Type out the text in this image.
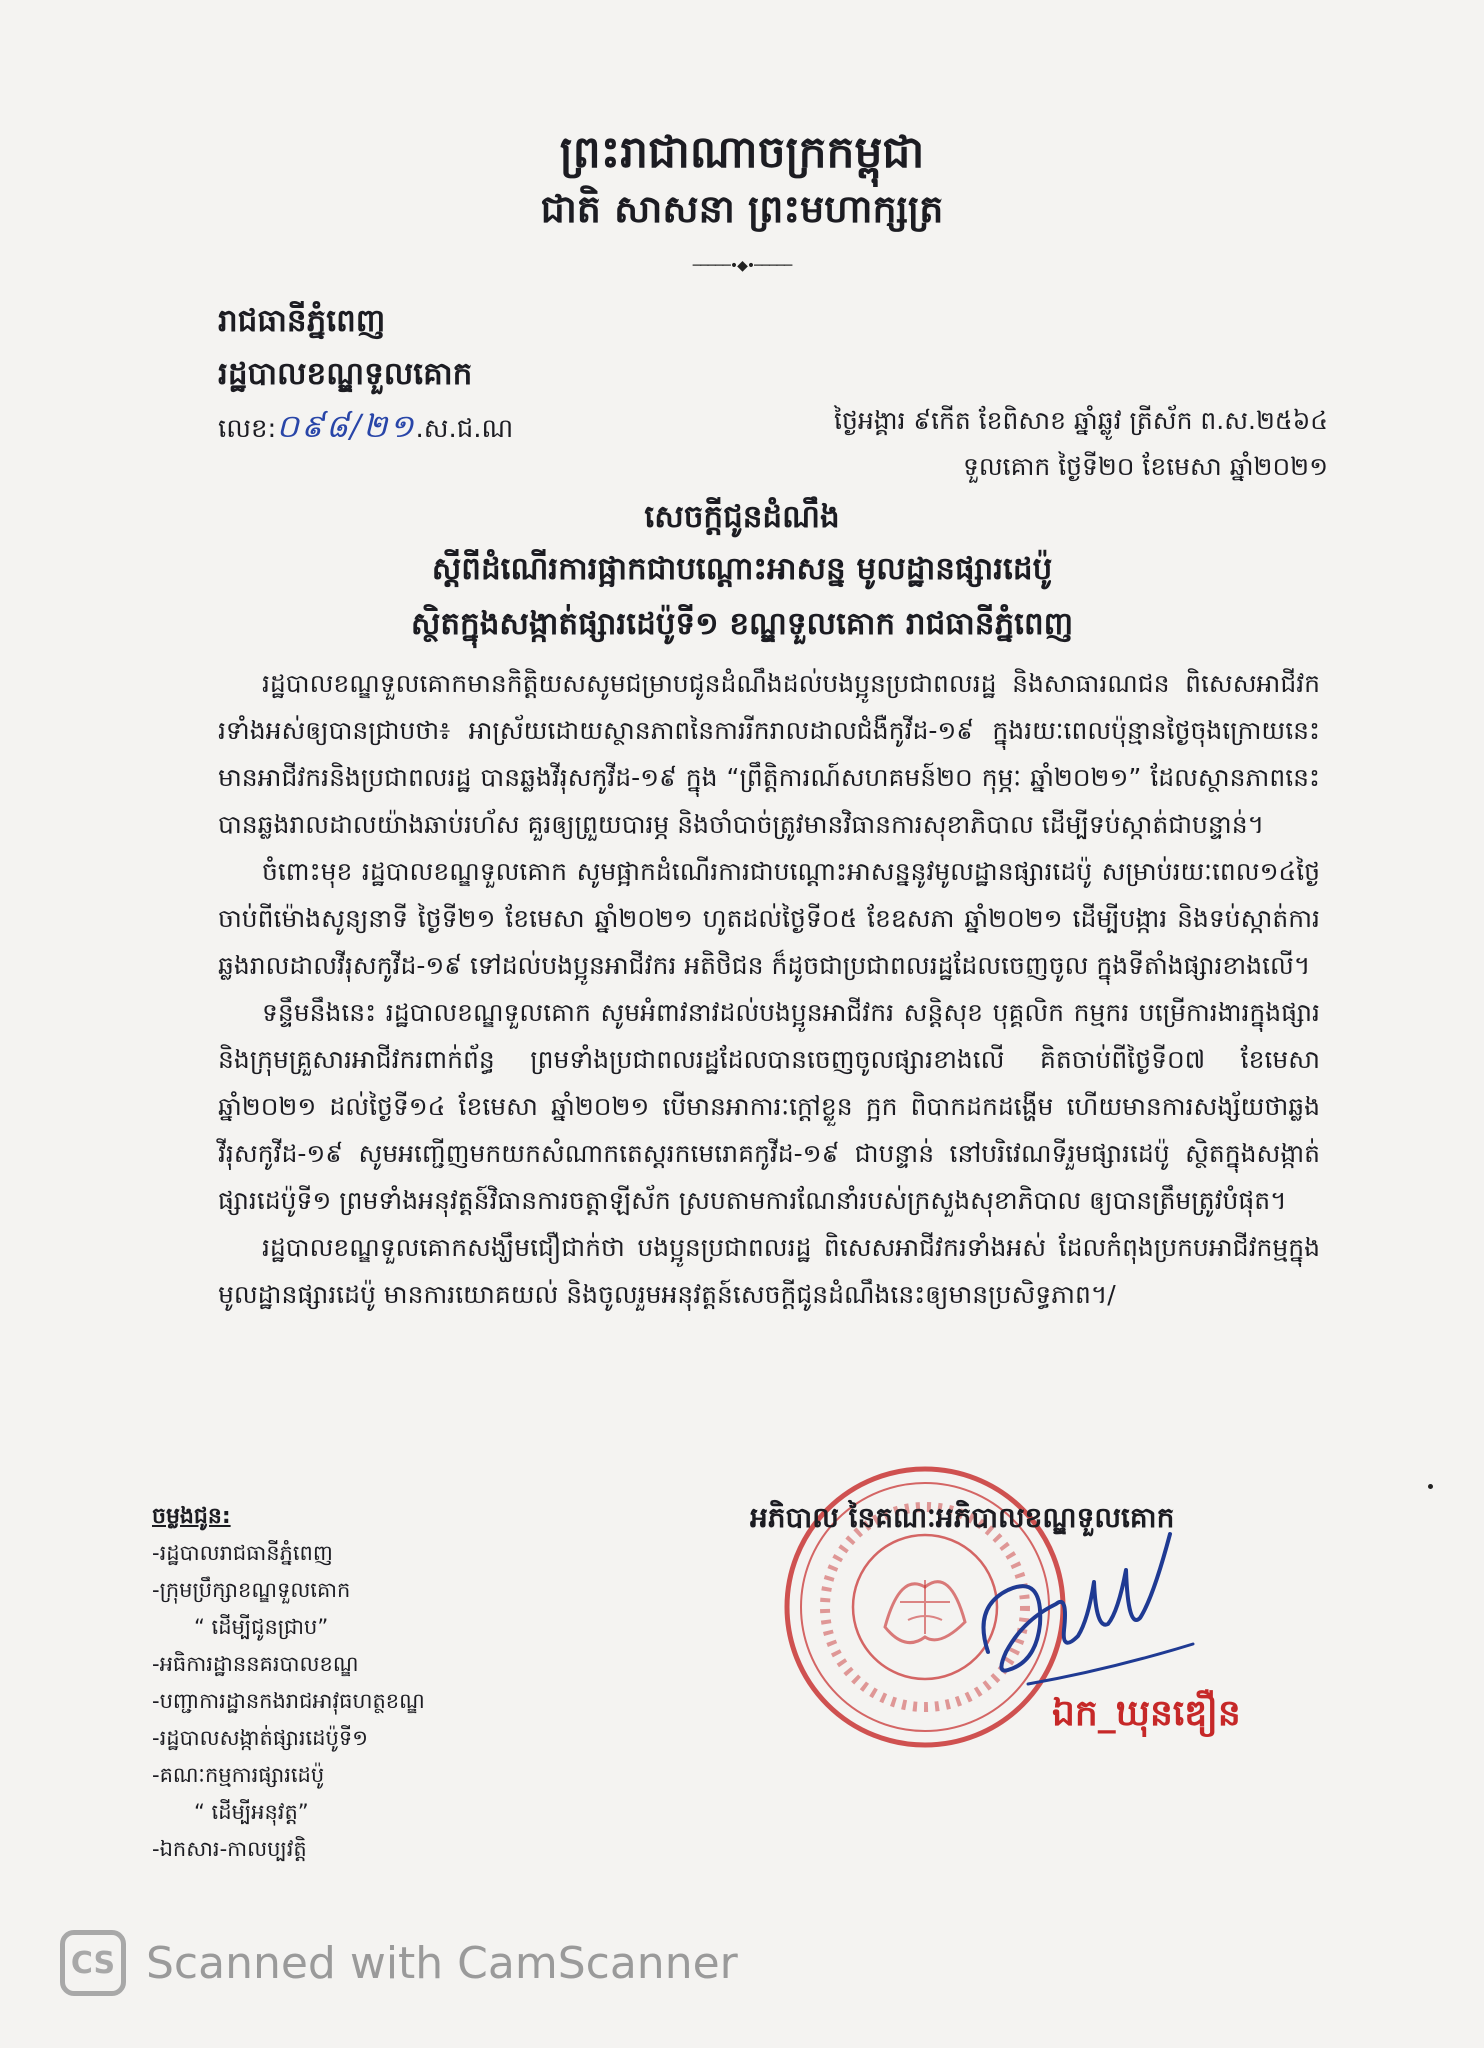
ព្រះរាជាណាចក្រកម្ពុជា
ជាតិ សាសនា ព្រះមហាក្សត្រ
─────•◆•─────
រាជធានីភ្នំពេញ
រដ្ឋបាលខណ្ឌទួលគោក
លេខ:០៩៨/២១.ស.ជ.ណ	ថ្ងៃអង្គារ ៩កើត ខែពិសាខ ឆ្នាំឆ្លូវ ត្រីស័ក ព.ស.២៥៦៤
ទួលគោក ថ្ងៃទី២០ ខែមេសា ឆ្នាំ២០២១
សេចក្តីជូនដំណឹង
ស្តីពីដំណើរការផ្អាកជាបណ្តោះអាសន្ន មូលដ្ឋានផ្សារដេប៉ូ
ស្ថិតក្នុងសង្កាត់ផ្សារដេប៉ូទី១ ខណ្ឌទួលគោក រាជធានីភ្នំពេញ

រដ្ឋបាលខណ្ឌទួលគោកមានកិត្តិយសសូមជម្រាបជូនដំណឹងដល់បងប្អូនប្រជាពលរដ្ឋ និងសាធារណជន ពិសេសអាជីវករទាំងអស់ឲ្យបានជ្រាបថា៖ អាស្រ័យដោយស្ថានភាពនៃការរីករាលដាលជំងឺកូវីដ-១៩ ក្នុងរយៈពេលប៉ុន្មានថ្ងៃចុងក្រោយនេះ មានអាជីវករនិងប្រជាពលរដ្ឋ បានឆ្លងវីរុសកូវីដ-១៩ ក្នុង “ព្រឹត្តិការណ៍សហគមន៍២០ កុម្ភៈ ឆ្នាំ២០២១” ដែលស្ថានភាពនេះ បានឆ្លងរាលដាលយ៉ាងឆាប់រហ័ស គួរឲ្យព្រួយបារម្ភ និងចាំបាច់ត្រូវមានវិធានការសុខាភិបាល ដើម្បីទប់ស្កាត់ជាបន្ទាន់។

ចំពោះមុខ រដ្ឋបាលខណ្ឌទួលគោក សូមផ្អាកដំណើរការជាបណ្តោះអាសន្ននូវមូលដ្ឋានផ្សារដេប៉ូ សម្រាប់រយៈពេល១៤ថ្ងៃ ចាប់ពីម៉ោងសូន្យនាទី ថ្ងៃទី២១ ខែមេសា ឆ្នាំ២០២១ ហូតដល់ថ្ងៃទី០៥ ខែឧសភា ឆ្នាំ២០២១ ដើម្បីបង្ការ និងទប់ស្កាត់ការឆ្លងរាលដាលវីរុសកូវីដ-១៩ ទៅដល់បងប្អូនអាជីវករ អតិថិជន ក៏ដូចជាប្រជាពលរដ្ឋដែលចេញចូល ក្នុងទីតាំងផ្សារខាងលើ។

ទន្ទឹមនឹងនេះ រដ្ឋបាលខណ្ឌទួលគោក សូមអំពាវនាវដល់បងប្អូនអាជីវករ សន្តិសុខ បុគ្គលិក កម្មករ បម្រើការងារក្នុងផ្សារ និងក្រុមគ្រួសារអាជីវករពាក់ព័ន្ធ ព្រមទាំងប្រជាពលរដ្ឋដែលបានចេញចូលផ្សារខាងលើ គិតចាប់ពីថ្ងៃទី០៧ ខែមេសា ឆ្នាំ២០២១ ដល់ថ្ងៃទី១៤ ខែមេសា ឆ្នាំ២០២១ បើមានអាការៈក្តៅខ្លួន ក្អក ពិបាកដកដង្ហើម ហើយមានការសង្ស័យថាឆ្លងវីរុសកូវីដ-១៩ សូមអញ្ជើញមកយកសំណាកតេស្តរកមេរោគកូវីដ-១៩ ជាបន្ទាន់ នៅបរិវេណទីរួមផ្សារដេប៉ូ ស្ថិតក្នុងសង្កាត់ផ្សារដេប៉ូទី១ ព្រមទាំងអនុវត្តន៍វិធានការចត្តាឡីស័ក ស្របតាមការណែនាំរបស់ក្រសួងសុខាភិបាល ឲ្យបានត្រឹមត្រូវបំផុត។

រដ្ឋបាលខណ្ឌទួលគោកសង្ឃឹមជឿជាក់ថា បងប្អូនប្រជាពលរដ្ឋ ពិសេសអាជីវករទាំងអស់ ដែលកំពុងប្រកបអាជីវកម្មក្នុងមូលដ្ឋានផ្សារដេប៉ូ មានការយោគយល់ និងចូលរួមអនុវត្តន៍សេចក្តីជូនដំណឹងនេះឲ្យមានប្រសិទ្ធភាព។/

ចម្លងជូន:
-រដ្ឋបាលរាជធានីភ្នំពេញ
-ក្រុមប្រឹក្សាខណ្ឌទួលគោក
“ ដើម្បីជូនជ្រាប”
-អធិការដ្ឋាននគរបាលខណ្ឌ
-បញ្ជាការដ្ឋានកងរាជអាវុធហត្ថខណ្ឌ
-រដ្ឋបាលសង្កាត់ផ្សារដេប៉ូទី១
-គណៈកម្មការផ្សារដេប៉ូ
“ ដើម្បីអនុវត្ត”
-ឯកសារ-កាលប្បវត្តិ
អភិបាល នៃគណៈអភិបាលខណ្ឌទួលគោក
ឯក_ឃុនឌឿន
CS Scanned with CamScanner
